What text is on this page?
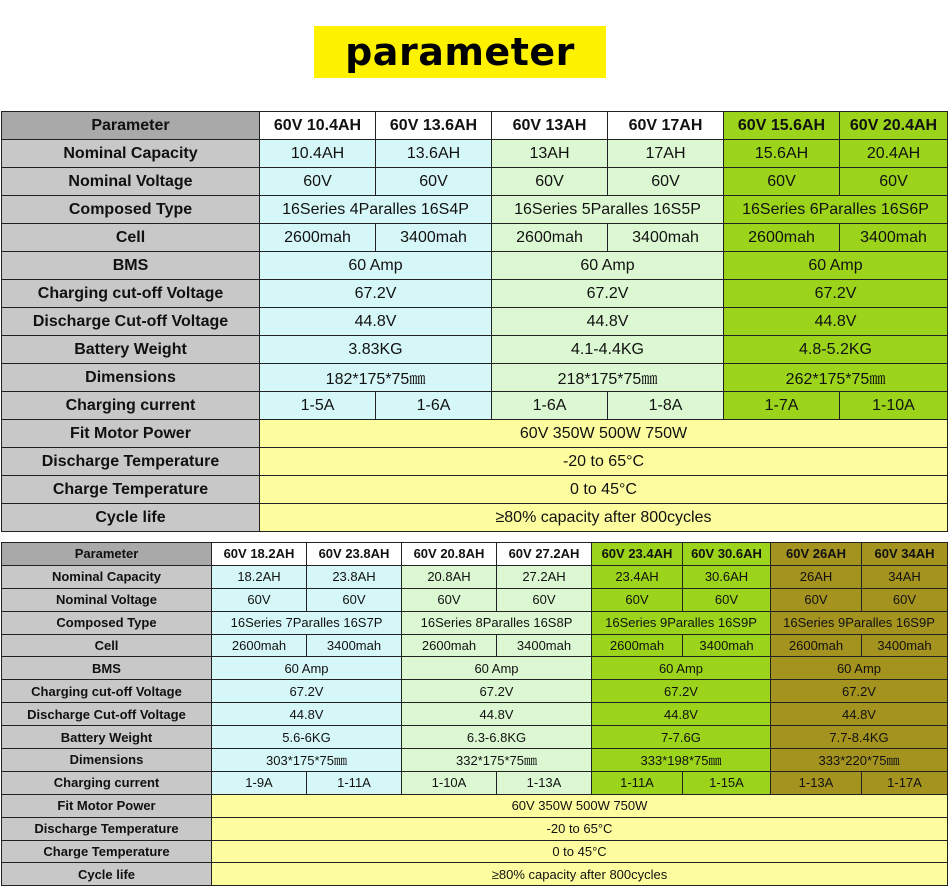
parameter
Parameter	60V 10.4AH	60V 13.6AH	60V 13AH	60V 17AH	60V 15.6AH	60V 20.4AH
Nominal Capacity	10.4AH	13.6AH	13AH	17AH	15.6AH	20.4AH
Nominal Voltage	60V	60V	60V	60V	60V	60V
Composed Type	16Series 4Paralles 16S4P		16Series 5Paralles 16S5P		16Series 6Paralles 16S6P	
Cell	2600mah	3400mah	2600mah	3400mah	2600mah	3400mah
BMS	60 Amp		60 Amp		60 Amp	
Charging cut-off Voltage	67.2V		67.2V		67.2V	
Discharge Cut-off Voltage	44.8V		44.8V		44.8V	
Battery Weight	3.83KG		4.1-4.4KG		4.8-5.2KG	
Dimensions	182*175*75㎜		218*175*75㎜		262*175*75㎜	
Charging current	1-5A	1-6A	1-6A	1-8A	1-7A	1-10A
Fit Motor Power	60V 350W 500W 750W					
Discharge Temperature	-20 to 65°C					
Charge Temperature	0 to 45°C					
Cycle life	≥80% capacity after 800cycles					
Parameter	60V 18.2AH	60V 23.8AH	60V 20.8AH	60V 27.2AH	60V 23.4AH	60V 30.6AH	60V 26AH	60V 34AH
Nominal Capacity	18.2AH	23.8AH	20.8AH	27.2AH	23.4AH	30.6AH	26AH	34AH
Nominal Voltage	60V	60V	60V	60V	60V	60V	60V	60V
Composed Type	16Series 7Paralles 16S7P		16Series 8Paralles 16S8P		16Series 9Paralles 16S9P		16Series 9Paralles 16S9P	
Cell	2600mah	3400mah	2600mah	3400mah	2600mah	3400mah	2600mah	3400mah
BMS	60 Amp		60 Amp		60 Amp		60 Amp	
Charging cut-off Voltage	67.2V		67.2V		67.2V		67.2V	
Discharge Cut-off Voltage	44.8V		44.8V		44.8V		44.8V	
Battery Weight	5.6-6KG		6.3-6.8KG		7-7.6G		7.7-8.4KG	
Dimensions	303*175*75㎜		332*175*75㎜		333*198*75㎜		333*220*75㎜	
Charging current	1-9A	1-11A	1-10A	1-13A	1-11A	1-15A	1-13A	1-17A
Fit Motor Power	60V 350W 500W 750W							
Discharge Temperature	-20 to 65°C							
Charge Temperature	0 to 45°C							
Cycle life	≥80% capacity after 800cycles							
